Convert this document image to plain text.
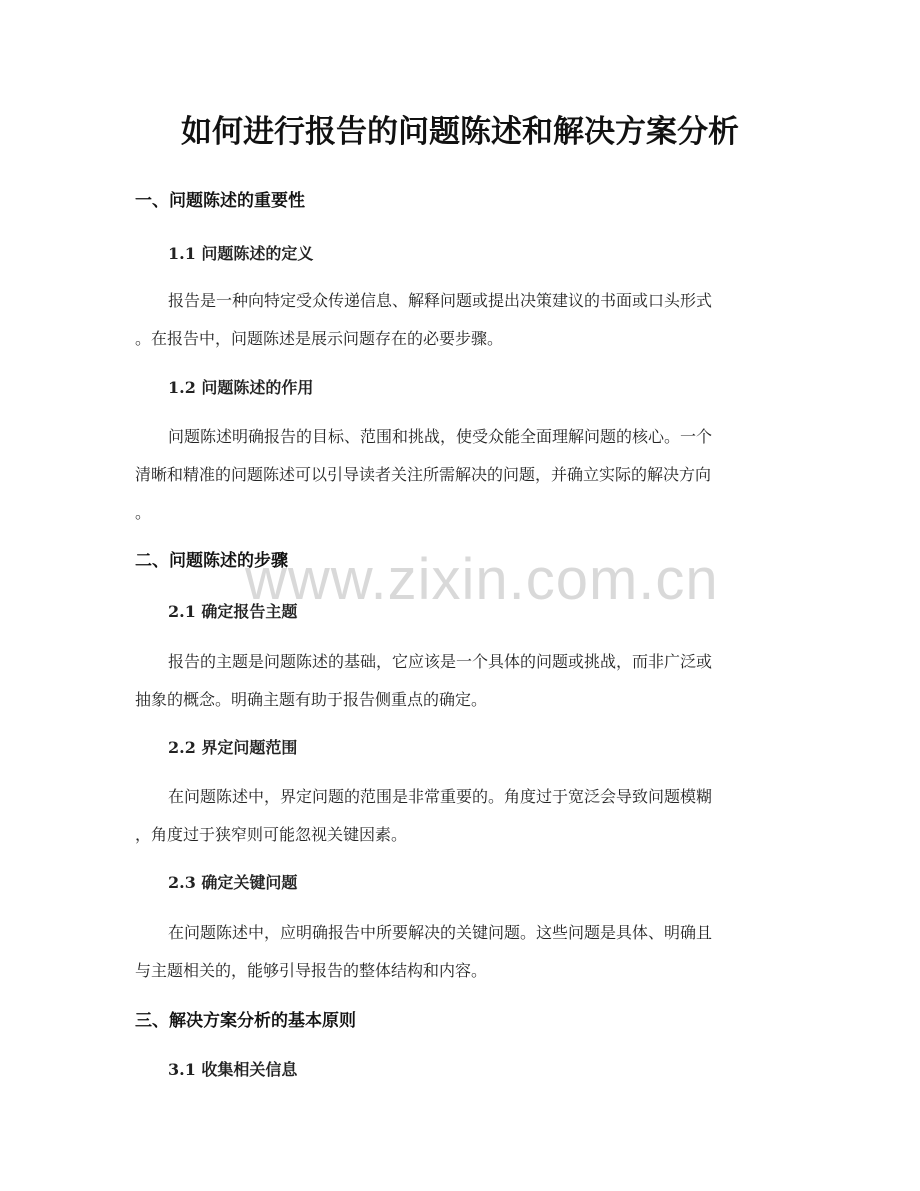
如何进行报告的问题陈述和解决方案分析
一、问题陈述的重要性
1.1 问题陈述的定义

报告是一种向特定受众传递信息、解释问题或提出决策建议的书面或口头形式
。在报告中，问题陈述是展示问题存在的必要步骤。

1.2 问题陈述的作用

问题陈述明确报告的目标、范围和挑战，使受众能全面理解问题的核心。一个
清晰和精准的问题陈述可以引导读者关注所需解决的问题，并确立实际的解决方向
。

二、问题陈述的步骤
2.1 确定报告主题

报告的主题是问题陈述的基础，它应该是一个具体的问题或挑战，而非广泛或
抽象的概念。明确主题有助于报告侧重点的确定。

2.2 界定问题范围

在问题陈述中，界定问题的范围是非常重要的。角度过于宽泛会导致问题模糊
，角度过于狭窄则可能忽视关键因素。

2.3 确定关键问题

在问题陈述中，应明确报告中所要解决的关键问题。这些问题是具体、明确且
与主题相关的，能够引导报告的整体结构和内容。

三、解决方案分析的基本原则
3.1 收集相关信息
www.zixin.com.cn
